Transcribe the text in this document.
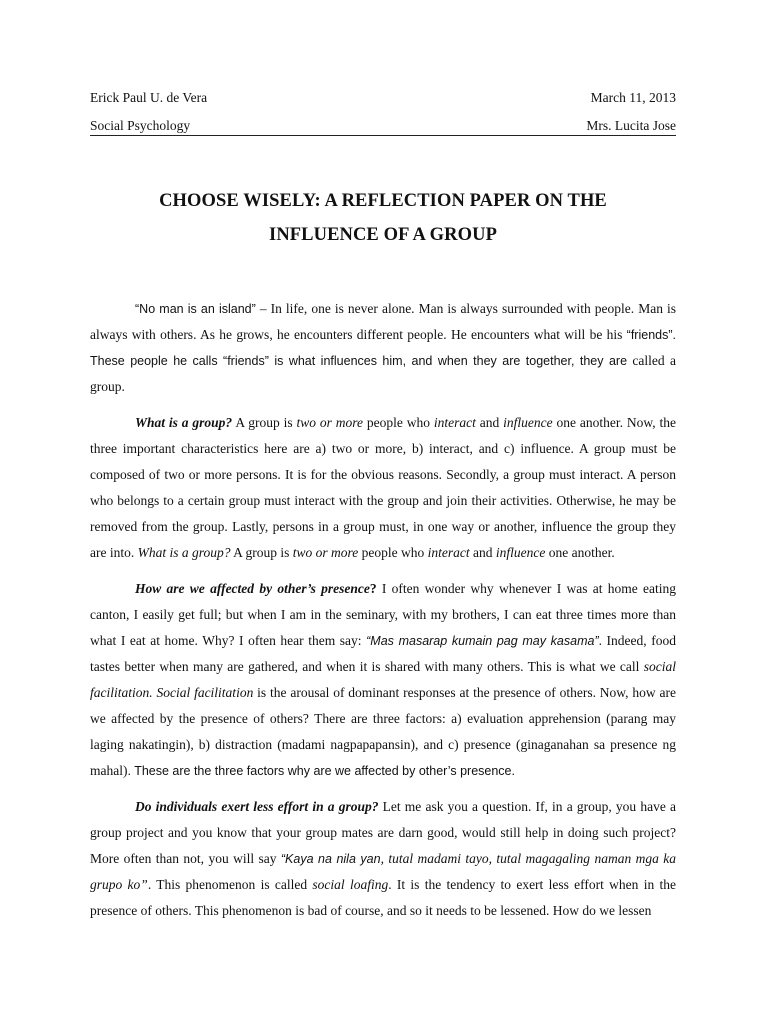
Erick Paul U. de Vera	March 11, 2013
Social Psychology	Mrs. Lucita Jose
CHOOSE WISELY: A REFLECTION PAPER ON THE
INFLUENCE OF A GROUP

“No man is an island” – In life, one is never alone. Man is always surrounded with people. Man is always with others. As he grows, he encounters different people. He encounters what will be his “friends”. These people he calls “friends” is what influences him, and when they are together, they are called a group.

What is a group? A group is two or more people who interact and influence one another. Now, the three important characteristics here are a) two or more, b) interact, and c) influence. A group must be composed of two or more persons. It is for the obvious reasons. Secondly, a group must interact. A person who belongs to a certain group must interact with the group and join their activities. Otherwise, he may be removed from the group. Lastly, persons in a group must, in one way or another, influence the group they are into. What is a group? A group is two or more people who interact and influence one another.

How are we affected by other’s presence? I often wonder why whenever I was at home eating canton, I easily get full; but when I am in the seminary, with my brothers, I can eat three times more than what I eat at home. Why? I often hear them say: “Mas masarap kumain pag may kasama”. Indeed, food tastes better when many are gathered, and when it is shared with many others. This is what we call social facilitation. Social facilitation is the arousal of dominant responses at the presence of others. Now, how are we affected by the presence of others? There are three factors: a) evaluation apprehension (parang may laging nakatingin), b) distraction (madami nagpapapansin), and c) presence (ginaganahan sa presence ng mahal). These are the three factors why are we affected by other’s presence.

Do individuals exert less effort in a group? Let me ask you a question. If, in a group, you have a group project and you know that your group mates are darn good, would still help in doing such project? More often than not, you will say “Kaya na nila yan, tutal madami tayo, tutal magagaling naman mga ka grupo ko”. This phenomenon is called social loafing. It is the tendency to exert less effort when in the presence of others. This phenomenon is bad of course, and so it needs to be lessened. How do we lessen
